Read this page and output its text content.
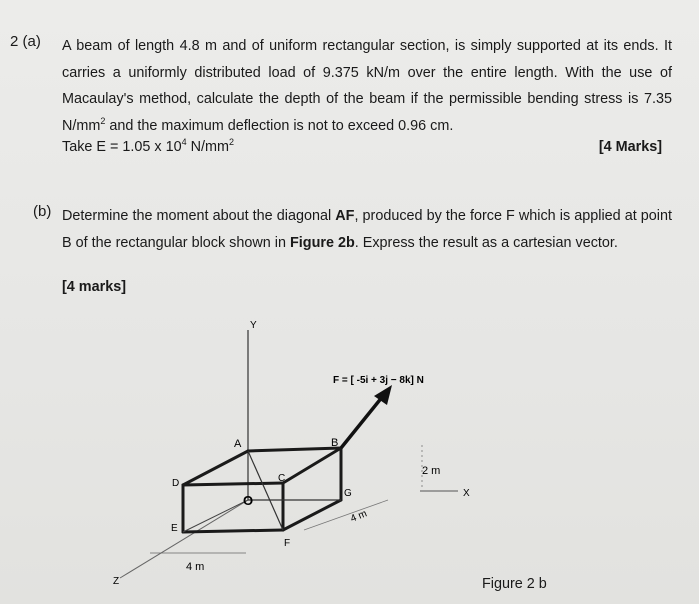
2 (a) A beam of length 4.8 m and of uniform rectangular section, is simply supported at its ends. It carries a uniformly distributed load of 9.375 kN/m over the entire length. With the use of Macaulay's method, calculate the depth of the beam if the permissible bending stress is 7.35 $N/mm^2$ and the maximum deflection is not to exceed 0.96 cm.
Take E = 1.05 x $10^4$ $N/mm^2$	[4 Marks]
(b) Determine the moment about the diagonal AF, produced by the force F which is applied at point B of the rectangular block shown in Figure 2b. Express the result as a cartesian vector.
[4 marks]
Y
X
Z
4 m
2 m
4 m
F = [ -5i + 3j − 8k] N
A	B
C
D
E
F
G
O
Figure 2 b
